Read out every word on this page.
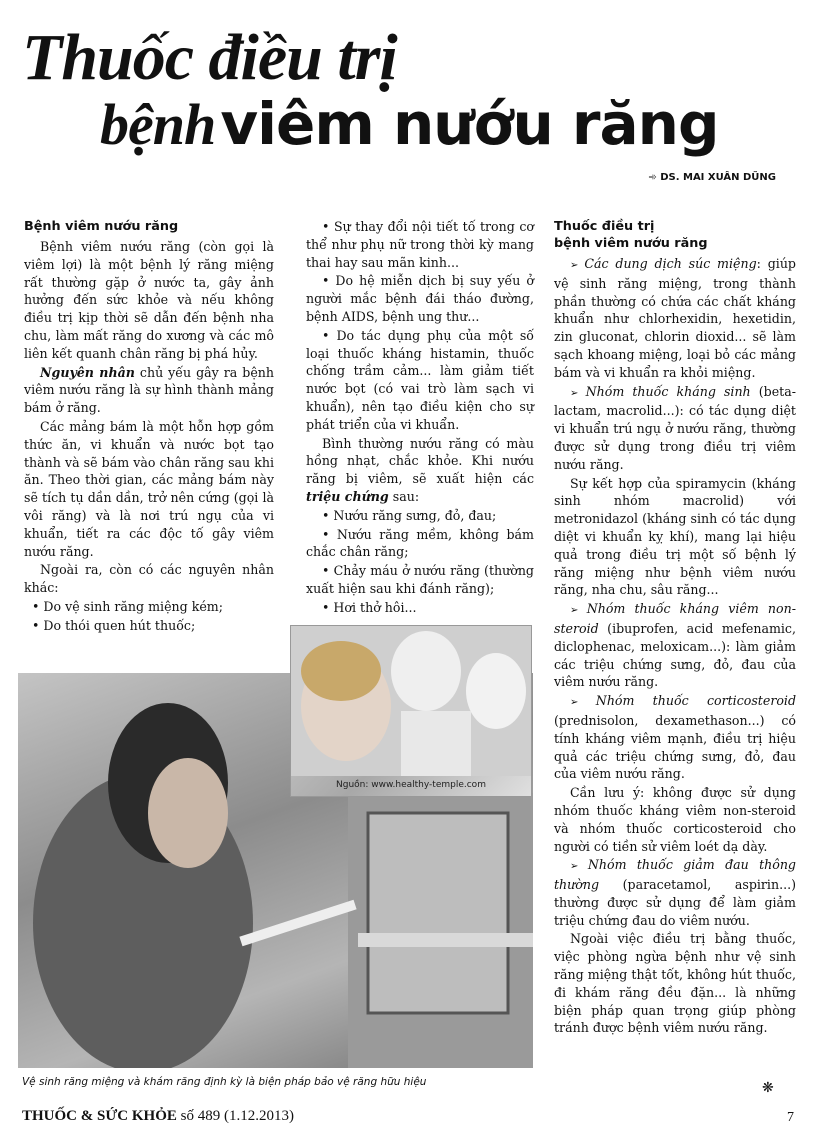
Thuốc điều trị
bệnh viêm nướu răng
➾ DS. MAI XUÂN DŨNG
Bệnh viêm nướu răng

Bệnh viêm nướu răng (còn gọi là viêm lợi) là một bệnh lý răng miệng rất thường gặp ở nước ta, gây ảnh hưởng đến sức khỏe và nếu không điều trị kịp thời sẽ dẫn đến bệnh nha chu, làm mất răng do xương và các mô liên kết quanh chân răng bị phá hủy.

Nguyên nhân chủ yếu gây ra bệnh viêm nướu răng là sự hình thành mảng bám ở răng.

Các mảng bám là một hỗn hợp gồm thức ăn, vi khuẩn và nước bọt tạo thành và sẽ bám vào chân răng sau khi ăn. Theo thời gian, các mảng bám này sẽ tích tụ dần dần, trở nên cứng (gọi là vôi răng) và là nơi trú ngụ của vi khuẩn, tiết ra các độc tố gây viêm nướu răng.

Ngoài ra, còn có các nguyên nhân khác:

• Do vệ sinh răng miệng kém;

• Do thói quen hút thuốc;

• Sự thay đổi nội tiết tố trong cơ thể như phụ nữ trong thời kỳ mang thai hay sau mãn kinh...

• Do hệ miễn dịch bị suy yếu ở người mắc bệnh đái tháo đường, bệnh AIDS, bệnh ung thư...

• Do tác dụng phụ của một số loại thuốc kháng histamin, thuốc chống trầm cảm... làm giảm tiết nước bọt (có vai trò làm sạch vi khuẩn), nên tạo điều kiện cho sự phát triển của vi khuẩn.

Bình thường nướu răng có màu hồng nhạt, chắc khỏe. Khi nướu răng bị viêm, sẽ xuất hiện các triệu chứng sau:

• Nướu răng sưng, đỏ, đau;

• Nướu răng mềm, không bám chắc chân răng;

• Chảy máu ở nướu răng (thường xuất hiện sau khi đánh răng);

• Hơi thở hôi...

Thuốc điều trị
bệnh viêm nướu răng

➢ Các dung dịch súc miệng: giúp vệ sinh răng miệng, trong thành phần thường có chứa các chất kháng khuẩn như chlorhexidin, hexetidin, zin gluconat, chlorin dioxid... sẽ làm sạch khoang miệng, loại bỏ các mảng bám và vi khuẩn ra khỏi miệng.

➢ Nhóm thuốc kháng sinh (beta-lactam, macrolid...): có tác dụng diệt vi khuẩn trú ngụ ở nướu răng, thường được sử dụng trong điều trị viêm nướu răng.

Sự kết hợp của spiramycin (kháng sinh nhóm macrolid) với metronidazol (kháng sinh có tác dụng diệt vi khuẩn kỵ khí), mang lại hiệu quả trong điều trị một số bệnh lý răng miệng như bệnh viêm nướu răng, nha chu, sâu răng...

➢ Nhóm thuốc kháng viêm non-steroid (ibuprofen, acid mefenamic, diclophenac, meloxicam...): làm giảm các triệu chứng sưng, đỏ, đau của viêm nướu răng.

➢ Nhóm thuốc corticosteroid (prednisolon, dexamethason...) có tính kháng viêm mạnh, điều trị hiệu quả các triệu chứng sưng, đỏ, đau của viêm nướu răng.

Cần lưu ý: không được sử dụng nhóm thuốc kháng viêm non-steroid và nhóm thuốc corticosteroid cho người có tiền sử viêm loét dạ dày.

➢ Nhóm thuốc giảm đau thông thường (paracetamol, aspirin...) thường được sử dụng để làm giảm triệu chứng đau do viêm nướu.

Ngoài việc điều trị bằng thuốc, việc phòng ngừa bệnh như vệ sinh răng miệng thật tốt, không hút thuốc, đi khám răng đều đặn... là những biện pháp quan trọng giúp phòng tránh được bệnh viêm nướu răng.

Nguồn: www.healthy-temple.com
Vệ sinh răng miệng và khám răng định kỳ là biện pháp bảo vệ răng hữu hiệu	❋
THUỐC & SỨC KHỎE số 489 (1.12.2013)	7
